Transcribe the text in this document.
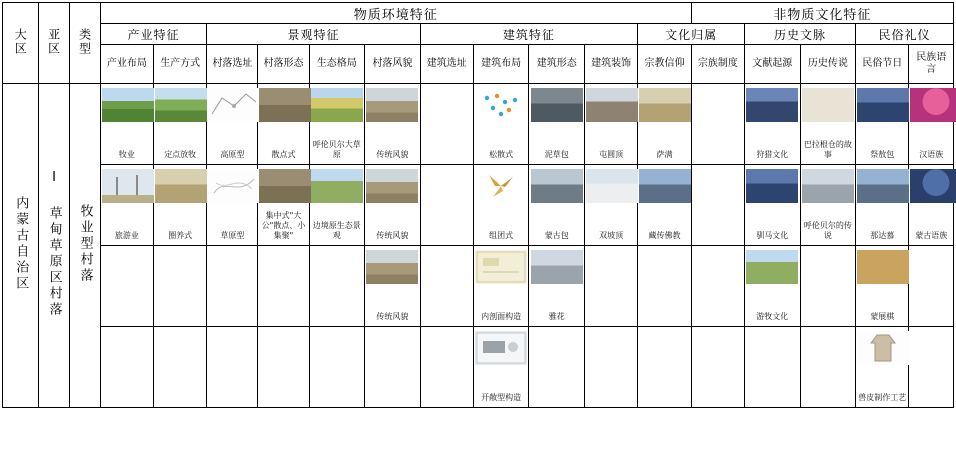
大区	亚区	类型	物质环境特征											非物质文化特征				
			产业特征		景观特征				建筑特征				文化归属		历史文脉		民俗礼仪	
			产业布局	生产方式	村落选址	村落形态	生态格局	村落风貌	建筑选址	建筑布局	建筑形态	建筑装饰	宗教信仰	宗族制度	文献起源	历史传说	民俗节日	民族语言
内蒙古自治区	Ⅰ 草甸草原区村落	牧业型村落	牧业	定点放牧	高原型	散点式	呼伦贝尔大草原	传统风貌		松散式	泥草包	屯圆顶	萨满		狩猎文化	巴拉根仓的故事	祭敖包	汉语族

			旅游业	圈养式	草原型	集中式"大公"散点、小集聚"	边境原生态景观	传统风貌		组团式	蒙古包	双坡顶	藏传佛教		驯马文化	呼伦贝尔的传说	那达慕	蒙古语族

								传统风貌		内剖面构造	雅花				游牧文化		蒙展棋	

										开敞型构造							兽皮制作工艺	
